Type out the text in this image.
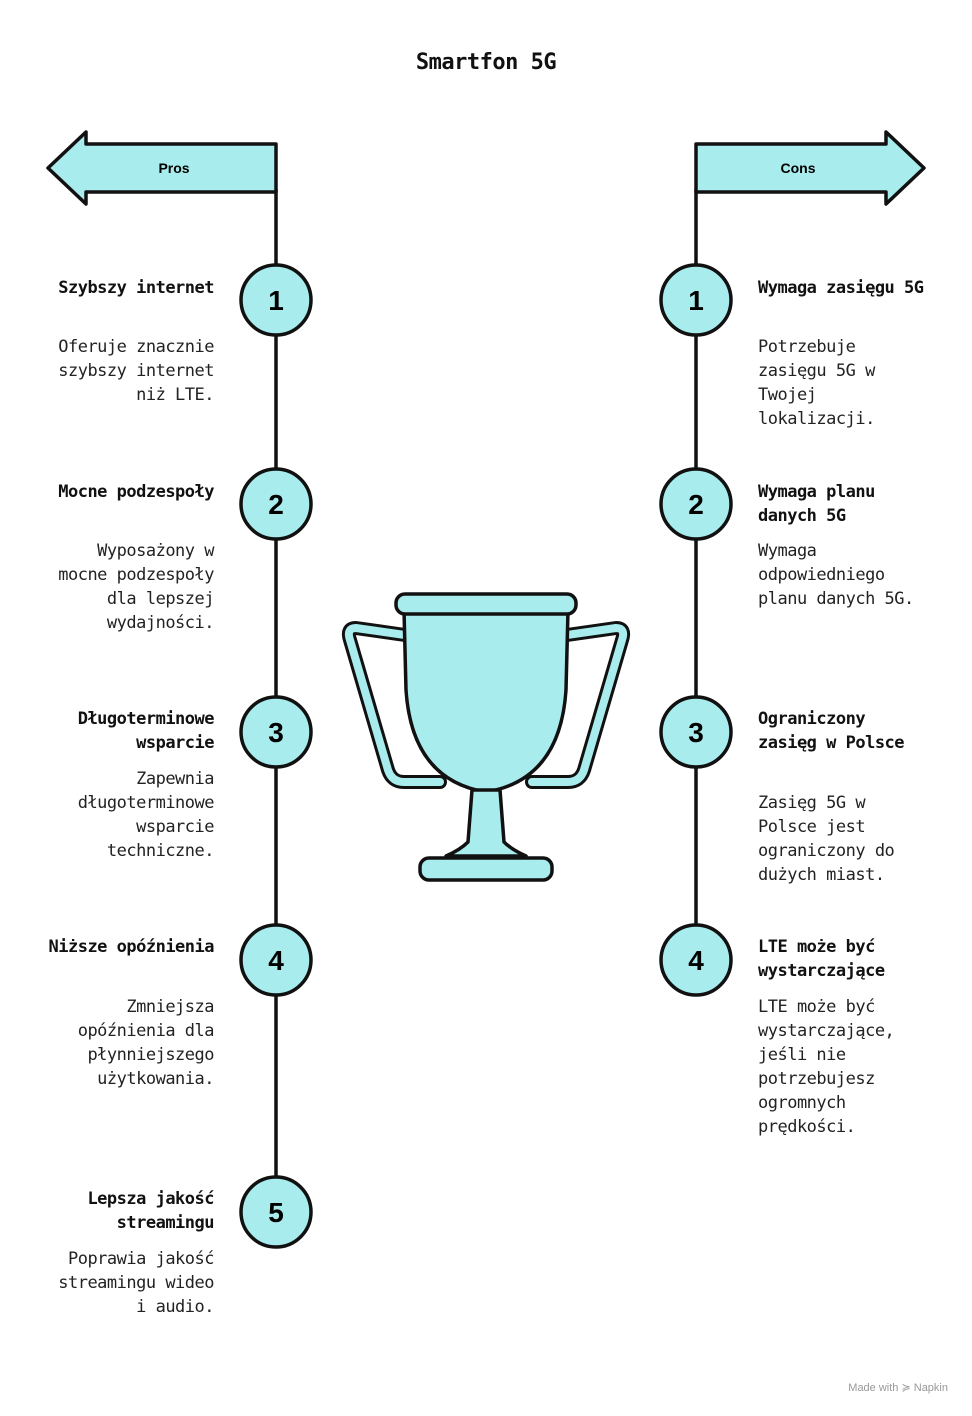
Pros	Cons
1
2
3
4
5
1
2
3
4
Smartfon 5G
Szybszy internet
Oferuje znacznie szybszy internet niż LTE.
Mocne podzespoły
Wyposażony w mocne podzespoły dla lepszej wydajności.
Długoterminowe wsparcie
Zapewnia długoterminowe wsparcie techniczne.
Niższe opóźnienia
Zmniejsza opóźnienia dla płynniejszego użytkowania.
Lepsza jakość streamingu
Poprawia jakość streamingu wideo i audio.
Wymaga zasięgu 5G
Potrzebuje zasięgu 5G w Twojej lokalizacji.
Wymaga planu danych 5G
Wymaga odpowiedniego planu danych 5G.
Ograniczony zasięg w Polsce
Zasięg 5G w Polsce jest ograniczony do dużych miast.
LTE może być wystarczające
LTE może być wystarczające, jeśli nie potrzebujesz ogromnych prędkości.
Made with ≽ Napkin
